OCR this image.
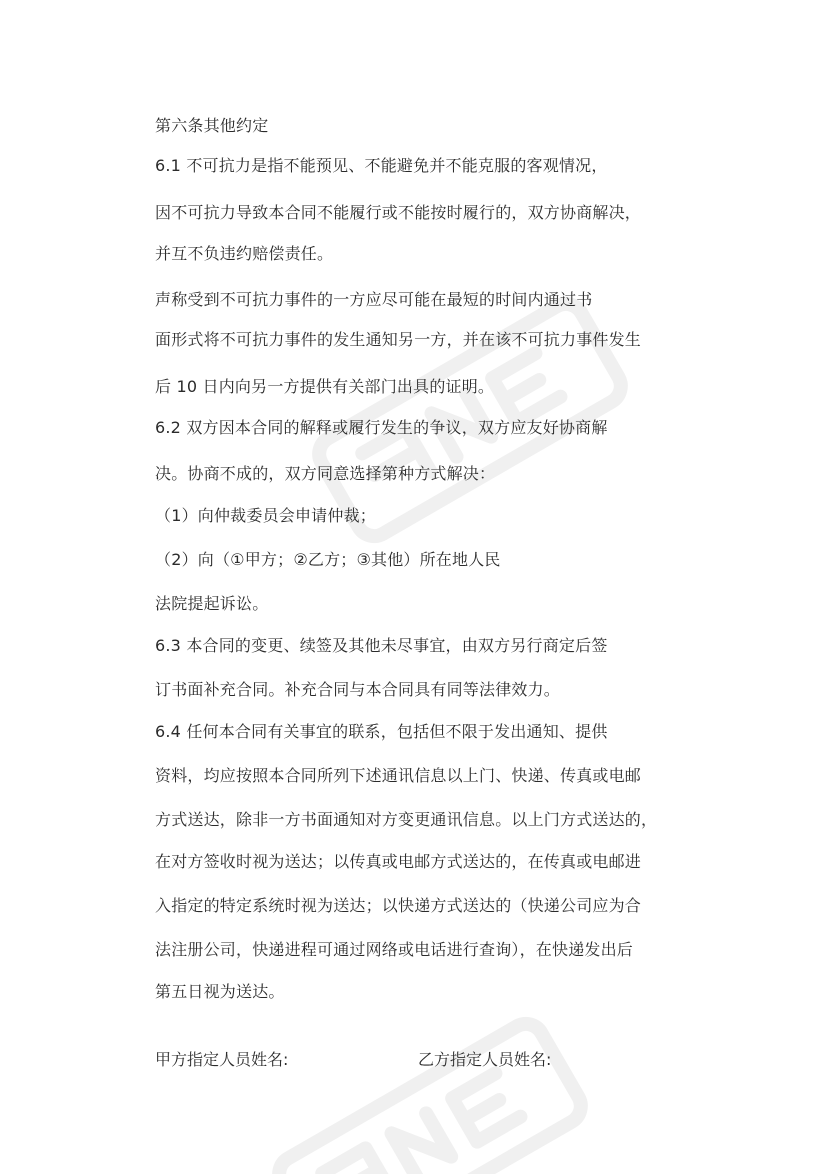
第六条其他约定
6.1 不可抗力是指不能预见、不能避免并不能克服的客观情况，
因不可抗力导致本合同不能履行或不能按时履行的，双方协商解决，
并互不负违约赔偿责任。
声称受到不可抗力事件的一方应尽可能在最短的时间内通过书
面形式将不可抗力事件的发生通知另一方，并在该不可抗力事件发生
后 10 日内向另一方提供有关部门出具的证明。
6.2 双方因本合同的解释或履行发生的争议，双方应友好协商解
决。协商不成的，双方同意选择第种方式解决：
（1）向仲裁委员会申请仲裁；
（2）向（①甲方；②乙方；③其他）所在地人民
法院提起诉讼。
6.3 本合同的变更、续签及其他未尽事宜，由双方另行商定后签
订书面补充合同。补充合同与本合同具有同等法律效力。
6.4 任何本合同有关事宜的联系，包括但不限于发出通知、提供
资料，均应按照本合同所列下述通讯信息以上门、快递、传真或电邮
方式送达，除非一方书面通知对方变更通讯信息。以上门方式送达的，
在对方签收时视为送达；以传真或电邮方式送达的，在传真或电邮进
入指定的特定系统时视为送达；以快递方式送达的（快递公司应为合
法注册公司，快递进程可通过网络或电话进行查询），在快递发出后
第五日视为送达。
甲方指定人员姓名:	乙方指定人员姓名:
